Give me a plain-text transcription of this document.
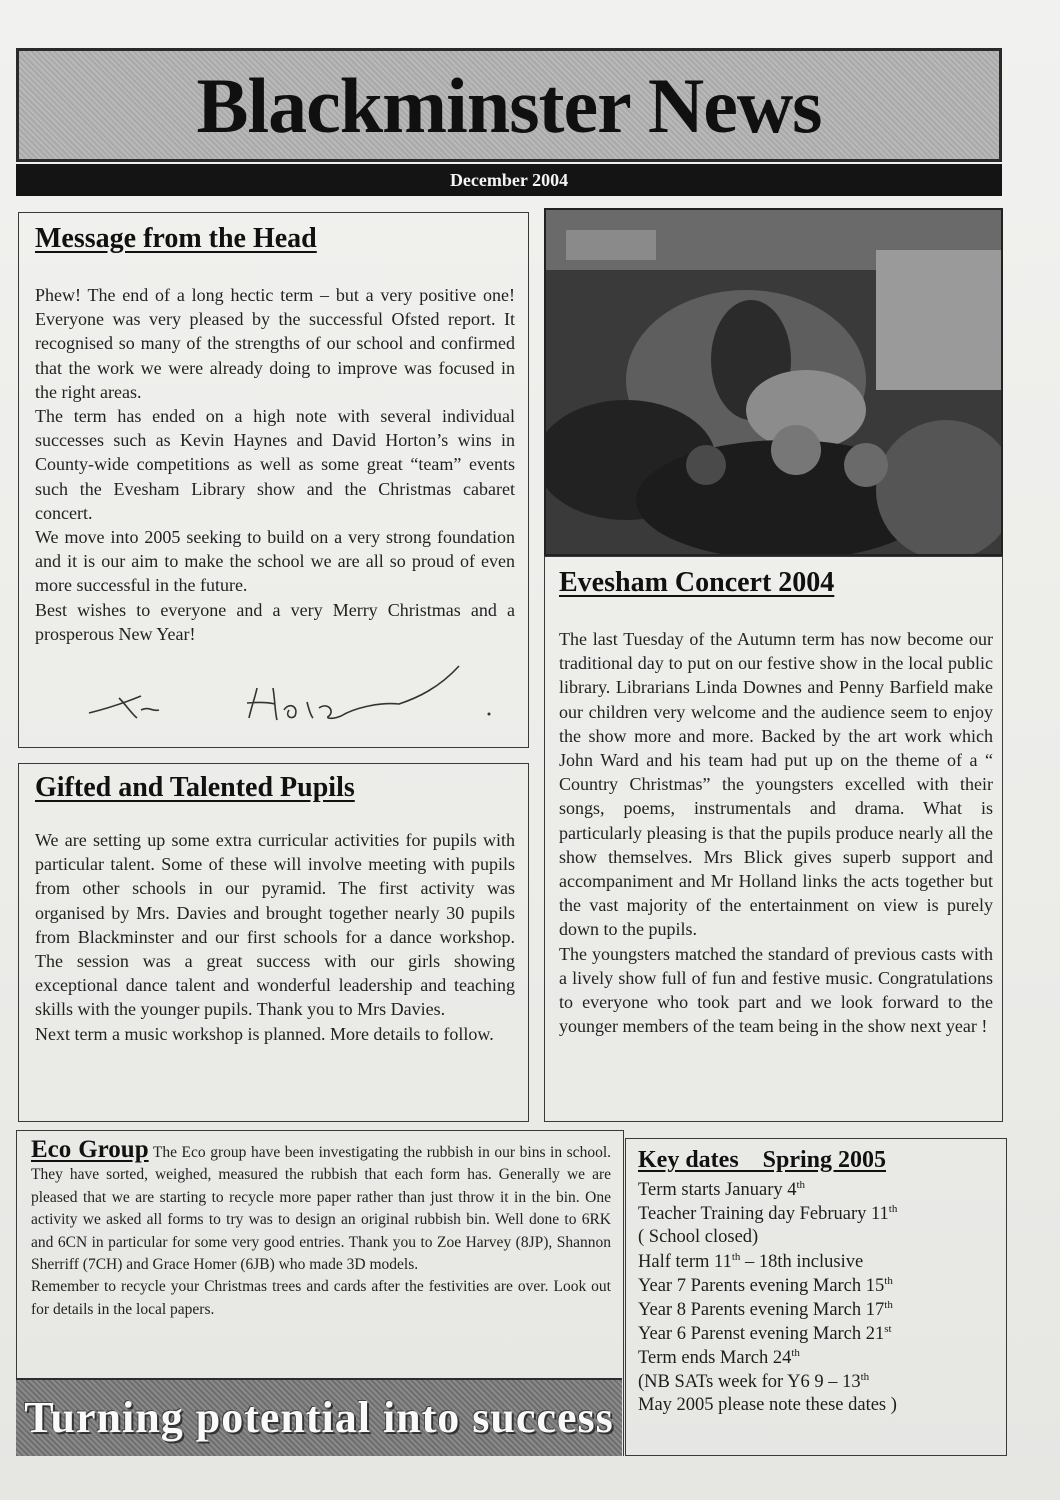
Blackminster News
December 2004
Message from the Head

Phew! The end of a long hectic term – but a very positive one! Everyone was very pleased by the successful Ofsted report. It recognised so many of the strengths of our school and confirmed that the work we were already doing to improve was focused in the right areas.

The term has ended on a high note with several individual successes such as Kevin Haynes and David Horton’s wins in County-wide competitions as well as some great “team” events such the Evesham Library show and the Christmas cabaret concert.

We move into 2005 seeking to build on a very strong foundation and it is our aim to make the school we are all so proud of even more successful in the future.

Best wishes to everyone and a very Merry Christmas and a prosperous New Year!

Gifted and Talented Pupils

We are setting up some extra curricular activities for pupils with particular talent. Some of these will involve meeting with pupils from other schools in our pyramid. The first activity was organised by Mrs. Davies and brought together nearly 30 pupils from Blackminster and our first schools for a dance workshop. The session was a great success with our girls showing exceptional dance talent and wonderful leadership and teaching skills with the younger pupils. Thank you to Mrs Davies.

Next term a music workshop is planned. More details to follow.

Evesham Concert 2004

The last Tuesday of the Autumn term has now become our traditional day to put on our festive show in the local public library. Librarians Linda Downes and Penny Barfield make our children very welcome and the audience seem to enjoy the show more and more. Backed by the art work which John Ward and his team had put up on the theme of a “ Country Christmas” the youngsters excelled with their songs, poems, instrumentals and drama. What is particularly pleasing is that the pupils produce nearly all the show themselves. Mrs Blick gives superb support and accompaniment and Mr Holland links the acts together but the vast majority of the entertainment on view is purely down to the pupils.

The youngsters matched the standard of previous casts with a lively show full of fun and festive music. Congratulations to everyone who took part and we look forward to the younger members of the team being in the show next year !

Eco Group The Eco group have been investigating the rubbish in our bins in school. They have sorted, weighed, measured the rubbish that each form has. Generally we are pleased that we are starting to recycle more paper rather than just throw it in the bin. One activity we asked all forms to try was to design an original rubbish bin. Well done to 6RK and 6CN in particular for some very good entries. Thank you to Zoe Harvey (8JP), Shannon Sherriff (7CH) and Grace Homer (6JB) who made 3D models.

Remember to recycle your Christmas trees and cards after the festivities are over. Look out for details in the local papers.

Turning potential into success
Key dates    Spring 2005
Term starts January 4th
Teacher Training day February 11th
( School closed)
Half term 11th – 18th inclusive
Year 7 Parents evening March 15th
Year 8 Parents evening March 17th
Year 6 Parenst evening March 21st
Term ends March 24th
(NB SATs week for Y6 9 – 13th
May 2005 please note these dates )
